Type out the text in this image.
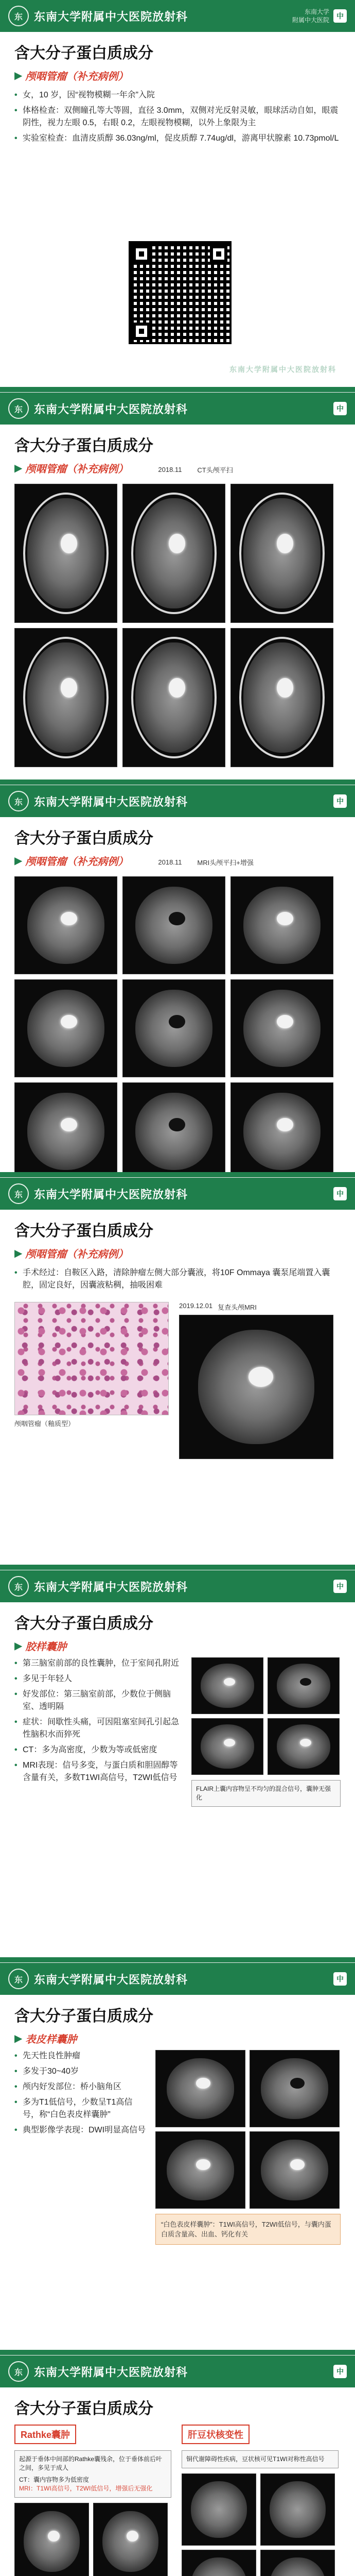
东	东南大学附属中大医院放射科	东南大学
附属中大医院	中
含大分子蛋白质成分
▶ 颅咽管瘤（补充病例）
• 女，10 岁，因“视物模糊一年余”入院
• 体格检查：双侧瞳孔等大等圆，直径 3.0mm，双侧对光反射灵敏，眼球活动自如，眼震阴性，视力左眼 0.5，右眼 0.2，左眼视物模糊，以外上象限为主
• 实验室检查：血清皮质醇 36.03ng/ml，促皮质醇 7.74ug/dl，游离甲状腺素 10.73pmol/L
东南大学附属中大医院放射科
东	东南大学附属中大医院放射科	中
含大分子蛋白质成分
▶ 颅咽管瘤（补充病例）	2018.11 CT头颅平扫
东	东南大学附属中大医院放射科	中
含大分子蛋白质成分
▶ 颅咽管瘤（补充病例）	2018.11 MRI头颅平扫+增强
东	东南大学附属中大医院放射科	中
含大分子蛋白质成分
▶ 颅咽管瘤（补充病例）
• 手术经过：自鞍区入路，清除肿瘤左侧大部分囊液，将10F Ommaya 囊泵尾端置入囊腔，固定良好，因囊液粘稠，抽吸困难
颅咽管瘤（釉质型）
2019.12.01 复查头颅MRI
东	东南大学附属中大医院放射科	中
含大分子蛋白质成分
▶ 胶样囊肿
• 第三脑室前部的良性囊肿，位于室间孔附近
• 多见于年轻人
• 好发部位：第三脑室前部，少数位于侧脑室、透明隔
• 症状：间歇性头痛，可因阻塞室间孔引起急性脑积水而猝死
• CT：多为高密度，少数为等或低密度
• MRI表现：信号多变，与蛋白质和胆固醇等含量有关，多数T1WI高信号，T2WI低信号
FLAIR上囊内容物呈不均匀的混合信号，囊肿无强化
东	东南大学附属中大医院放射科	中
含大分子蛋白质成分
▶ 表皮样囊肿
• 先天性良性肿瘤
• 多发于30~40岁
• 颅内好发部位：桥小脑角区
• 多为T1低信号，少数呈T1高信号，称“白色表皮样囊肿”
• 典型影像学表现：DWI明显高信号
“白色表皮样囊肿”：T1WI高信号，T2WI低信号，与囊内蛋白质含量高、出血、钙化有关
东	东南大学附属中大医院放射科	中
含大分子蛋白质成分
Rathke囊肿
起源于垂体中间部的Rathke囊残余，位于垂体前后叶之间，多见于成人
CT：囊内容物多为低密度
MRI：T1WI高信号，T2WI低信号，增强后无强化
肝豆状核变性
铜代谢障碍性疾病，豆状核可见T1WI对称性高信号
